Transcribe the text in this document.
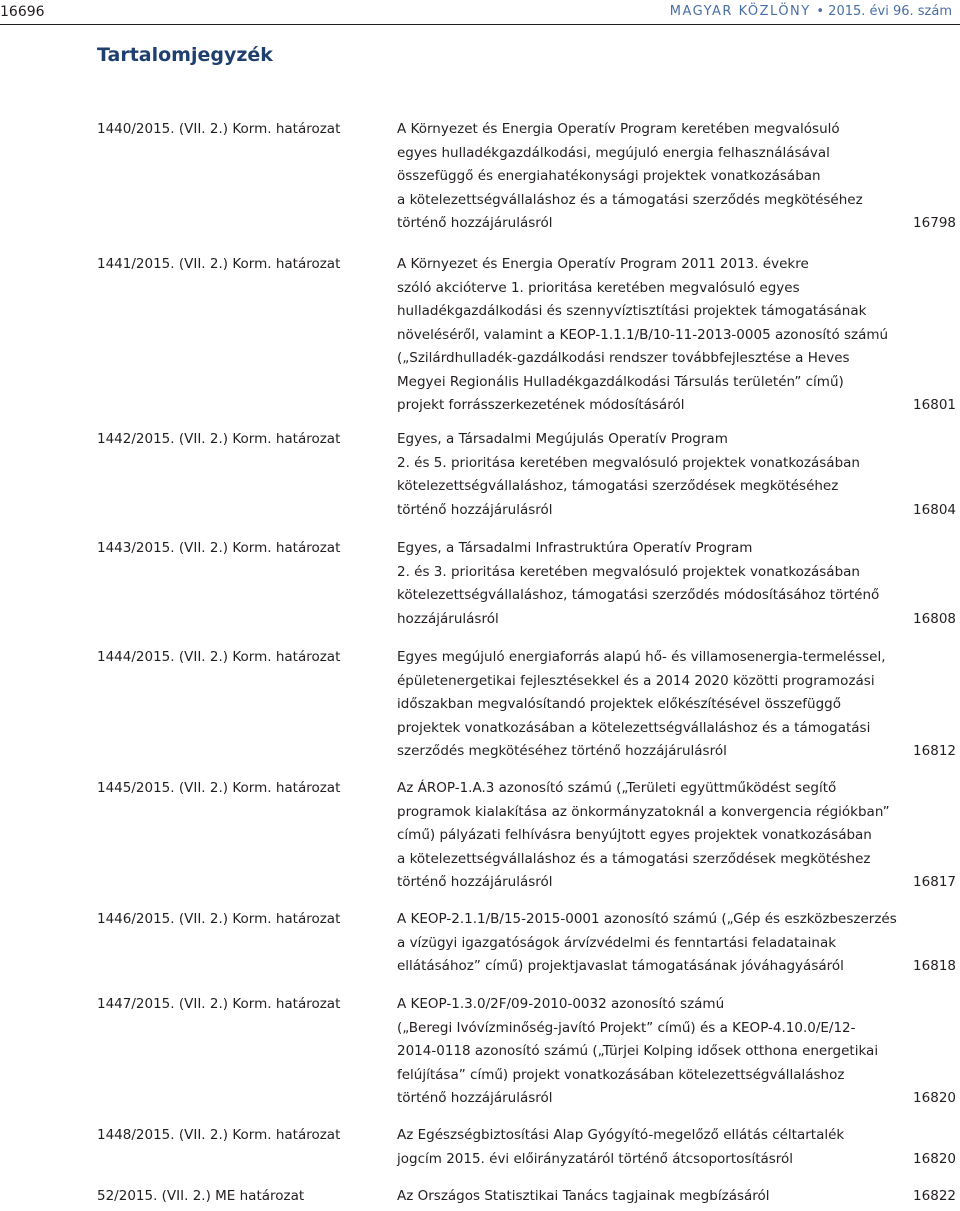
16696	MAGYAR KÖZLÖNY • 2015. évi 96. szám
Tartalomjegyzék
1440/2015. (VII. 2.) Korm. határozat	A Környezet és Energia Operatív Program keretében megvalósuló
egyes hulladékgazdálkodási, megújuló energia felhasználásával
összefüggő és energiahatékonysági projektek vonatkozásában
a kötelezettségvállaláshoz és a támogatási szerződés megkötéséhez
történő hozzájárulásról	16798
1441/2015. (VII. 2.) Korm. határozat	A Környezet és Energia Operatív Program 2011 2013. évekre
szóló akcióterve 1. prioritása keretében megvalósuló egyes
hulladékgazdálkodási és szennyvíztisztítási projektek támogatásának
növeléséről, valamint a KEOP-1.1.1/B/10-11-2013-0005 azonosító számú
(„Szilárdhulladék-gazdálkodási rendszer továbbfejlesztése a Heves
Megyei Regionális Hulladékgazdálkodási Társulás területén” című)
projekt forrásszerkezetének módosításáról	16801
1442/2015. (VII. 2.) Korm. határozat	Egyes, a Társadalmi Megújulás Operatív Program
2. és 5. prioritása keretében megvalósuló projektek vonatkozásában
kötelezettségvállaláshoz, támogatási szerződések megkötéséhez
történő hozzájárulásról	16804
1443/2015. (VII. 2.) Korm. határozat	Egyes, a Társadalmi Infrastruktúra Operatív Program
2. és 3. prioritása keretében megvalósuló projektek vonatkozásában
kötelezettségvállaláshoz, támogatási szerződés módosításához történő
hozzájárulásról	16808
1444/2015. (VII. 2.) Korm. határozat	Egyes megújuló energiaforrás alapú hő- és villamosenergia-termeléssel,
épületenergetikai fejlesztésekkel és a 2014 2020 közötti programozási
időszakban megvalósítandó projektek előkészítésével összefüggő
projektek vonatkozásában a kötelezettségvállaláshoz és a támogatási
szerződés megkötéséhez történő hozzájárulásról	16812
1445/2015. (VII. 2.) Korm. határozat	Az ÁROP-1.A.3 azonosító számú („Területi együttműködést segítő
programok kialakítása az önkormányzatoknál a konvergencia régiókban”
című) pályázati felhívásra benyújtott egyes projektek vonatkozásában
a kötelezettségvállaláshoz és a támogatási szerződések megkötéshez
történő hozzájárulásról	16817
1446/2015. (VII. 2.) Korm. határozat	A KEOP-2.1.1/B/15-2015-0001 azonosító számú („Gép és eszközbeszerzés
a vízügyi igazgatóságok árvízvédelmi és fenntartási feladatainak
ellátásához” című) projektjavaslat támogatásának jóváhagyásáról	16818
1447/2015. (VII. 2.) Korm. határozat	A KEOP-1.3.0/2F/09-2010-0032 azonosító számú
(„Beregi Ivóvízminőség-javító Projekt” című) és a KEOP-4.10.0/E/12-
2014-0118 azonosító számú („Türjei Kolping idősek otthona energetikai
felújítása” című) projekt vonatkozásában kötelezettségvállaláshoz
történő hozzájárulásról	16820
1448/2015. (VII. 2.) Korm. határozat	Az Egészségbiztosítási Alap Gyógyító-megelőző ellátás céltartalék
jogcím 2015. évi előirányzatáról történő átcsoportosításról	16820
52/2015. (VII. 2.) ME határozat	Az Országos Statisztikai Tanács tagjainak megbízásáról	16822
